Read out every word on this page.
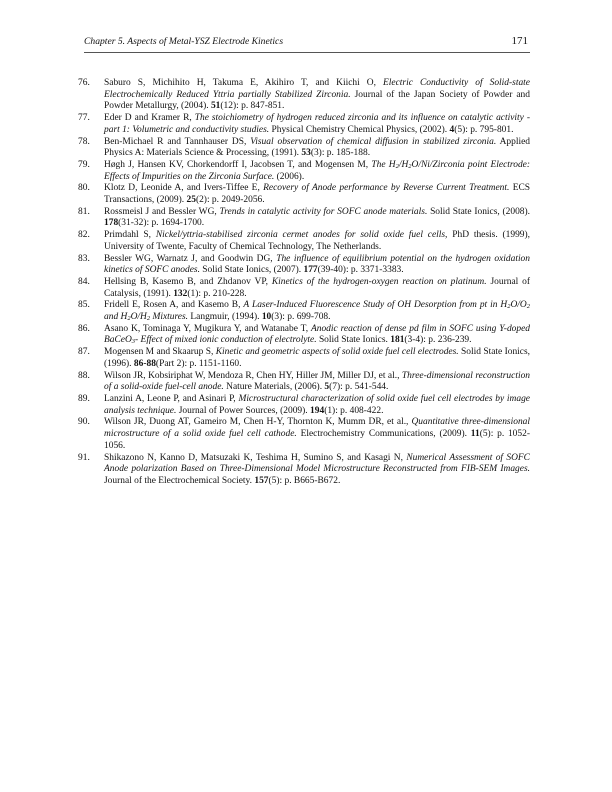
Chapter 5. Aspects of Metal-YSZ Electrode Kinetics	171
76.	Saburo S, Michihito H, Takuma E, Akihiro T, and Kiichi O, Electric Conductivity of Solid-state Electrochemically Reduced Yttria partially Stabilized Zirconia. Journal of the Japan Society of Powder and Powder Metallurgy, (2004). 51(12): p. 847-851.
77.	Eder D and Kramer R, The stoichiometry of hydrogen reduced zirconia and its influence on catalytic activity - part 1: Volumetric and conductivity studies. Physical Chemistry Chemical Physics, (2002). 4(5): p. 795-801.
78.	Ben-Michael R and Tannhauser DS, Visual observation of chemical diffusion in stabilized zirconia. Applied Physics A: Materials Science & Processing, (1991). 53(3): p. 185-188.
79.	Høgh J, Hansen KV, Chorkendorff I, Jacobsen T, and Mogensen M, The $H_2/H_2O/Ni$/Zirconia point Electrode: Effects of Impurities on the Zirconia Surface. (2006).
80.	Klotz D, Leonide A, and Ivers-Tiffee E, Recovery of Anode performance by Reverse Current Treatment. ECS Transactions, (2009). 25(2): p. 2049-2056.
81.	Rossmeisl J and Bessler WG, Trends in catalytic activity for SOFC anode materials. Solid State Ionics, (2008). 178(31-32): p. 1694-1700.
82.	Primdahl S, Nickel/yttria-stabilised zirconia cermet anodes for solid oxide fuel cells, PhD thesis. (1999), University of Twente, Faculty of Chemical Technology, The Netherlands.
83.	Bessler WG, Warnatz J, and Goodwin DG, The influence of equilibrium potential on the hydrogen oxidation kinetics of SOFC anodes. Solid State Ionics, (2007). 177(39-40): p. 3371-3383.
84.	Hellsing B, Kasemo B, and Zhdanov VP, Kinetics of the hydrogen-oxygen reaction on platinum. Journal of Catalysis, (1991). 132(1): p. 210-228.
85.	Fridell E, Rosen A, and Kasemo B, A Laser-Induced Fluorescence Study of OH Desorption from pt in $H_2O/O_2$ and $H_2O/H_2$ Mixtures. Langmuir, (1994). 10(3): p. 699-708.
86.	Asano K, Tominaga Y, Mugikura Y, and Watanabe T, Anodic reaction of dense pd film in SOFC using Y-doped BaCeO$_3$- Effect of mixed ionic conduction of electrolyte. Solid State Ionics. 181(3-4): p. 236-239.
87.	Mogensen M and Skaarup S, Kinetic and geometric aspects of solid oxide fuel cell electrodes. Solid State Ionics, (1996). 86-88(Part 2): p. 1151-1160.
88.	Wilson JR, Kobsiriphat W, Mendoza R, Chen HY, Hiller JM, Miller DJ, et al., Three-dimensional reconstruction of a solid-oxide fuel-cell anode. Nature Materials, (2006). 5(7): p. 541-544.
89.	Lanzini A, Leone P, and Asinari P, Microstructural characterization of solid oxide fuel cell electrodes by image analysis technique. Journal of Power Sources, (2009). 194(1): p. 408-422.
90.	Wilson JR, Duong AT, Gameiro M, Chen H-Y, Thornton K, Mumm DR, et al., Quantitative three-dimensional microstructure of a solid oxide fuel cell cathode. Electrochemistry Communications, (2009). 11(5): p. 1052-1056.
91.	Shikazono N, Kanno D, Matsuzaki K, Teshima H, Sumino S, and Kasagi N, Numerical Assessment of SOFC Anode polarization Based on Three-Dimensional Model Microstructure Reconstructed from FIB-SEM Images. Journal of the Electrochemical Society. 157(5): p. B665-B672.
